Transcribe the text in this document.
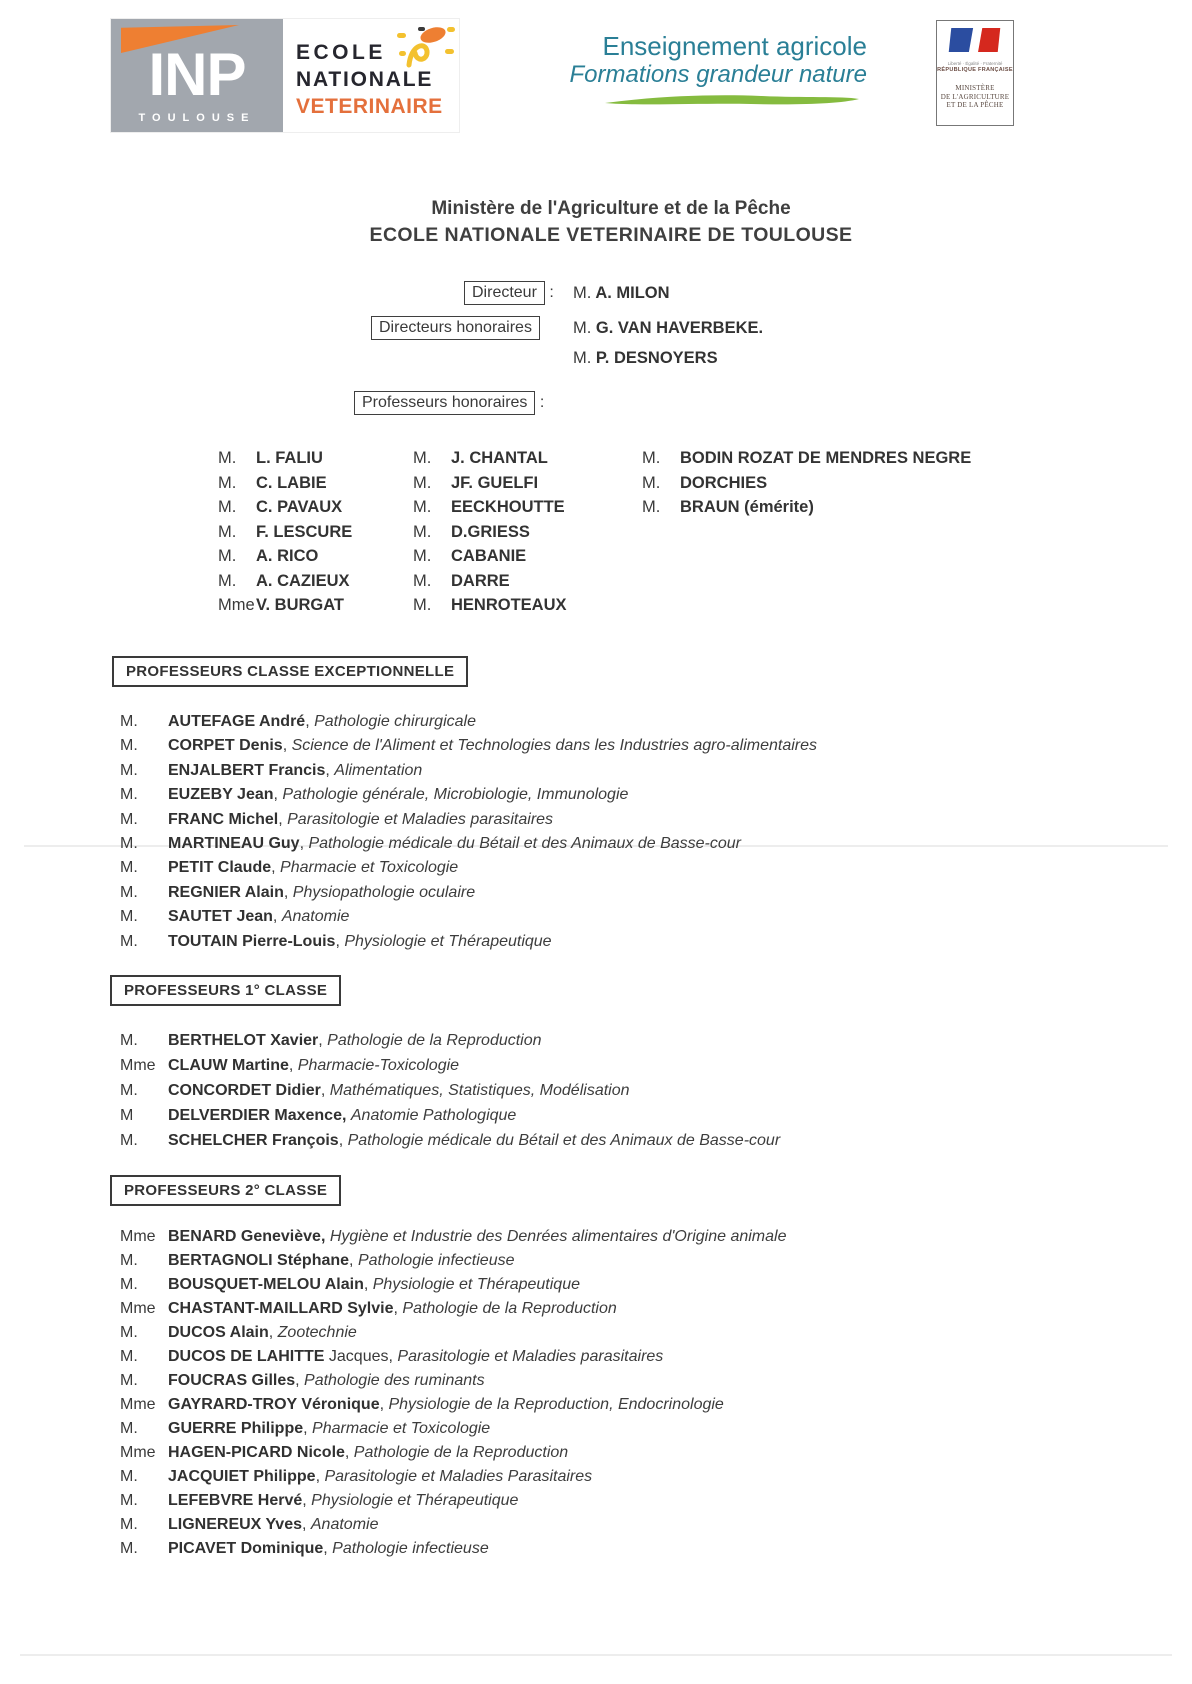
INP
TOULOUSE
ECOLE
NATIONALE
VETERINAIRE
Enseignement agricole
Formations grandeur nature	Liberté · Égalité · Fraternité
RÉPUBLIQUE FRANÇAISE
MINISTÈRE
DE L'AGRICULTURE
ET DE LA PÊCHE
Ministère de l'Agriculture et de la Pêche
ECOLE NATIONALE VETERINAIRE DE TOULOUSE
Directeur : M. A. MILON
Directeurs honoraires	M. G. VAN HAVERBEKE.
M. P. DESNOYERS
Professeurs honoraires :
M. L. FALIU
M. C. LABIE
M. C. PAVAUX
M. F. LESCURE
M. A. RICO
M. A. CAZIEUX
MmeV. BURGAT
M. J. CHANTAL
M. JF. GUELFI
M. EECKHOUTTE
M. D.GRIESS
M. CABANIE
M. DARRE
M. HENROTEAUX
M. BODIN ROZAT DE MENDRES NEGRE
M. DORCHIES
M. BRAUN (émérite)
PROFESSEURS CLASSE EXCEPTIONNELLE
M. AUTEFAGE André, Pathologie chirurgicale
M. CORPET Denis, Science de l'Aliment et Technologies dans les Industries agro-alimentaires
M. ENJALBERT Francis, Alimentation
M. EUZEBY Jean, Pathologie générale, Microbiologie, Immunologie
M. FRANC Michel, Parasitologie et Maladies parasitaires
M. MARTINEAU Guy, Pathologie médicale du Bétail et des Animaux de Basse-cour
M. PETIT Claude, Pharmacie et Toxicologie
M. REGNIER Alain, Physiopathologie oculaire
M. SAUTET Jean, Anatomie
M. TOUTAIN Pierre-Louis, Physiologie et Thérapeutique
PROFESSEURS 1° CLASSE
M. BERTHELOT Xavier, Pathologie de la Reproduction
Mme CLAUW Martine, Pharmacie-Toxicologie
M. CONCORDET Didier, Mathématiques, Statistiques, Modélisation
M DELVERDIER Maxence, Anatomie Pathologique
M. SCHELCHER François, Pathologie médicale du Bétail et des Animaux de Basse-cour
PROFESSEURS 2° CLASSE
Mme BENARD Geneviève, Hygiène et Industrie des Denrées alimentaires d'Origine animale
M. BERTAGNOLI Stéphane, Pathologie infectieuse
M. BOUSQUET-MELOU Alain, Physiologie et Thérapeutique
Mme CHASTANT-MAILLARD Sylvie, Pathologie de la Reproduction
M. DUCOS Alain, Zootechnie
M. DUCOS DE LAHITTE Jacques, Parasitologie et Maladies parasitaires
M. FOUCRAS Gilles, Pathologie des ruminants
Mme GAYRARD-TROY Véronique, Physiologie de la Reproduction, Endocrinologie
M. GUERRE Philippe, Pharmacie et Toxicologie
Mme HAGEN-PICARD Nicole, Pathologie de la Reproduction
M. JACQUIET Philippe, Parasitologie et Maladies Parasitaires
M. LEFEBVRE Hervé, Physiologie et Thérapeutique
M. LIGNEREUX Yves, Anatomie
M. PICAVET Dominique, Pathologie infectieuse
